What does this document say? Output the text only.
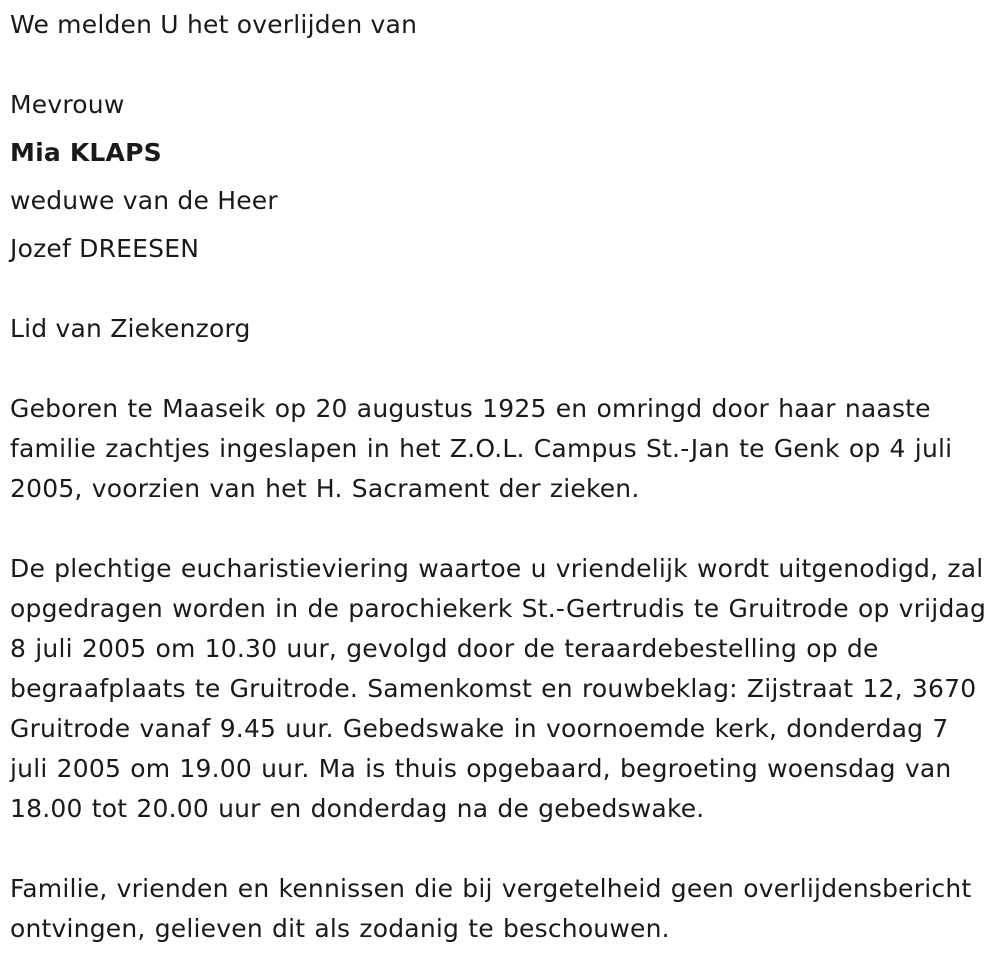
We melden U het overlijden van
Mevrouw
Mia KLAPS
weduwe van de Heer
Jozef DREESEN
Lid van Ziekenzorg

Geboren te Maaseik op 20 augustus 1925 en omringd door haar naaste familie zachtjes ingeslapen in het Z.O.L. Campus St.-Jan te Genk op 4 juli 2005, voorzien van het H. Sacrament der zieken.

De plechtige eucharistieviering waartoe u vriendelijk wordt uitgenodigd, zal opgedragen worden in de parochiekerk St.-Gertrudis te Gruitrode op vrijdag 8 juli 2005 om 10.30 uur, gevolgd door de teraardebestelling op de begraafplaats te Gruitrode. Samenkomst en rouwbeklag: Zijstraat 12, 3670 Gruitrode vanaf 9.45 uur. Gebedswake in voornoemde kerk, donderdag 7 juli 2005 om 19.00 uur. Ma is thuis opgebaard, begroeting woensdag van 18.00 tot 20.00 uur en donderdag na de gebedswake.

Familie, vrienden en kennissen die bij vergetelheid geen overlijdensbericht ontvingen, gelieven dit als zodanig te beschouwen.
